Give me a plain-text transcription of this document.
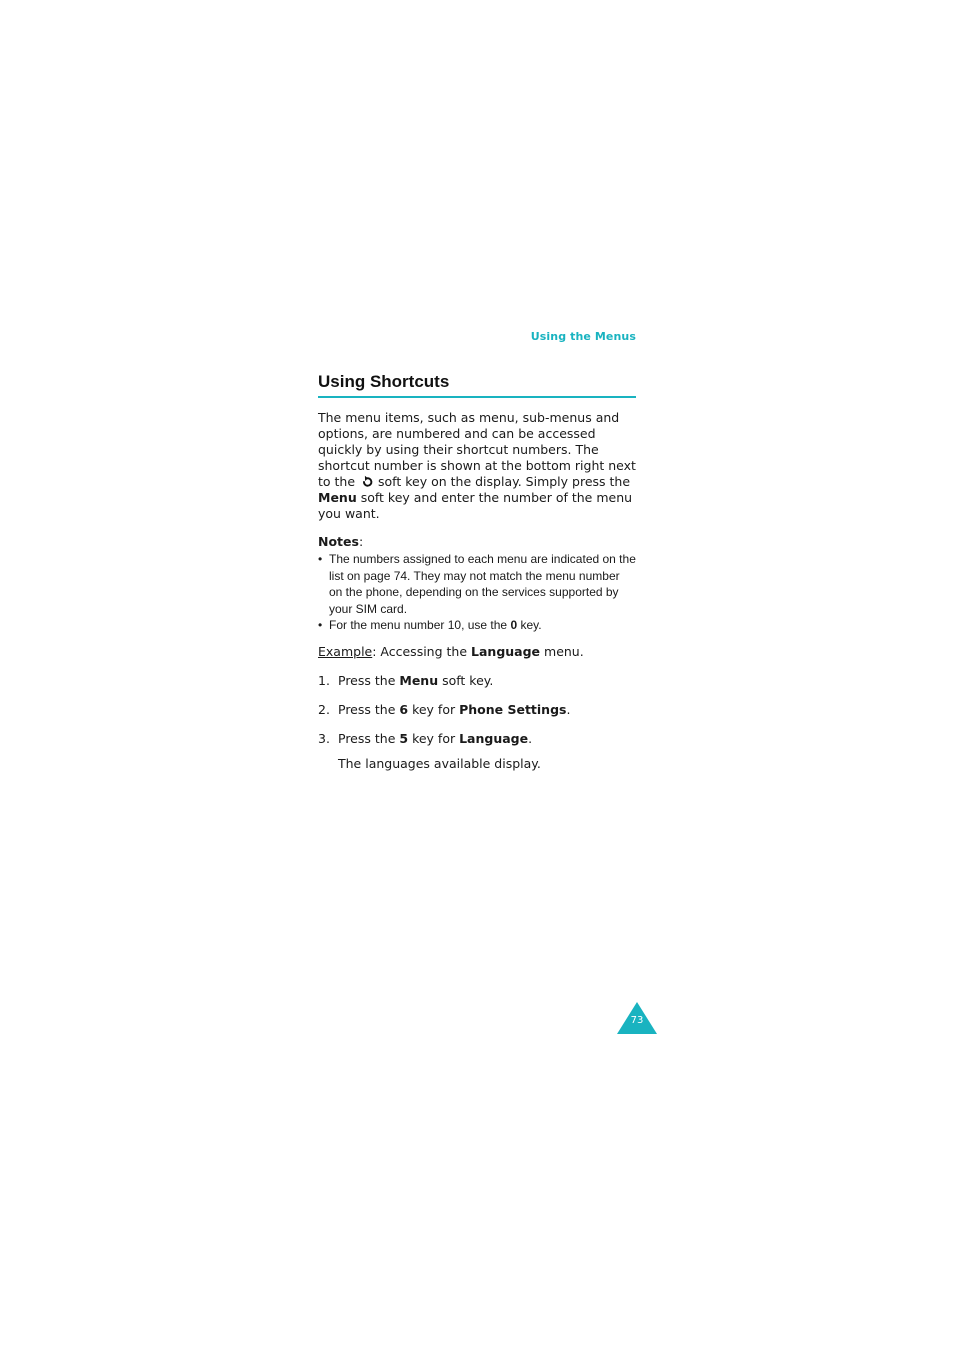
Using the Menus
Using Shortcuts

The menu items, such as menu, sub-menus and options, are numbered and can be accessed quickly by using their shortcut numbers. The shortcut number is shown at the bottom right next to the soft key on the display. Simply press the Menu soft key and enter the number of the menu you want.

Notes:
• The numbers assigned to each menu are indicated on the list on page 74. They may not match the menu number on the phone, depending on the services supported by your SIM card.
• For the menu number 10, use the 0 key.
Example: Accessing the Language menu.
1. Press the Menu soft key.
2. Press the 6 key for Phone Settings.
3. Press the 5 key for Language.

The languages available display.

73
